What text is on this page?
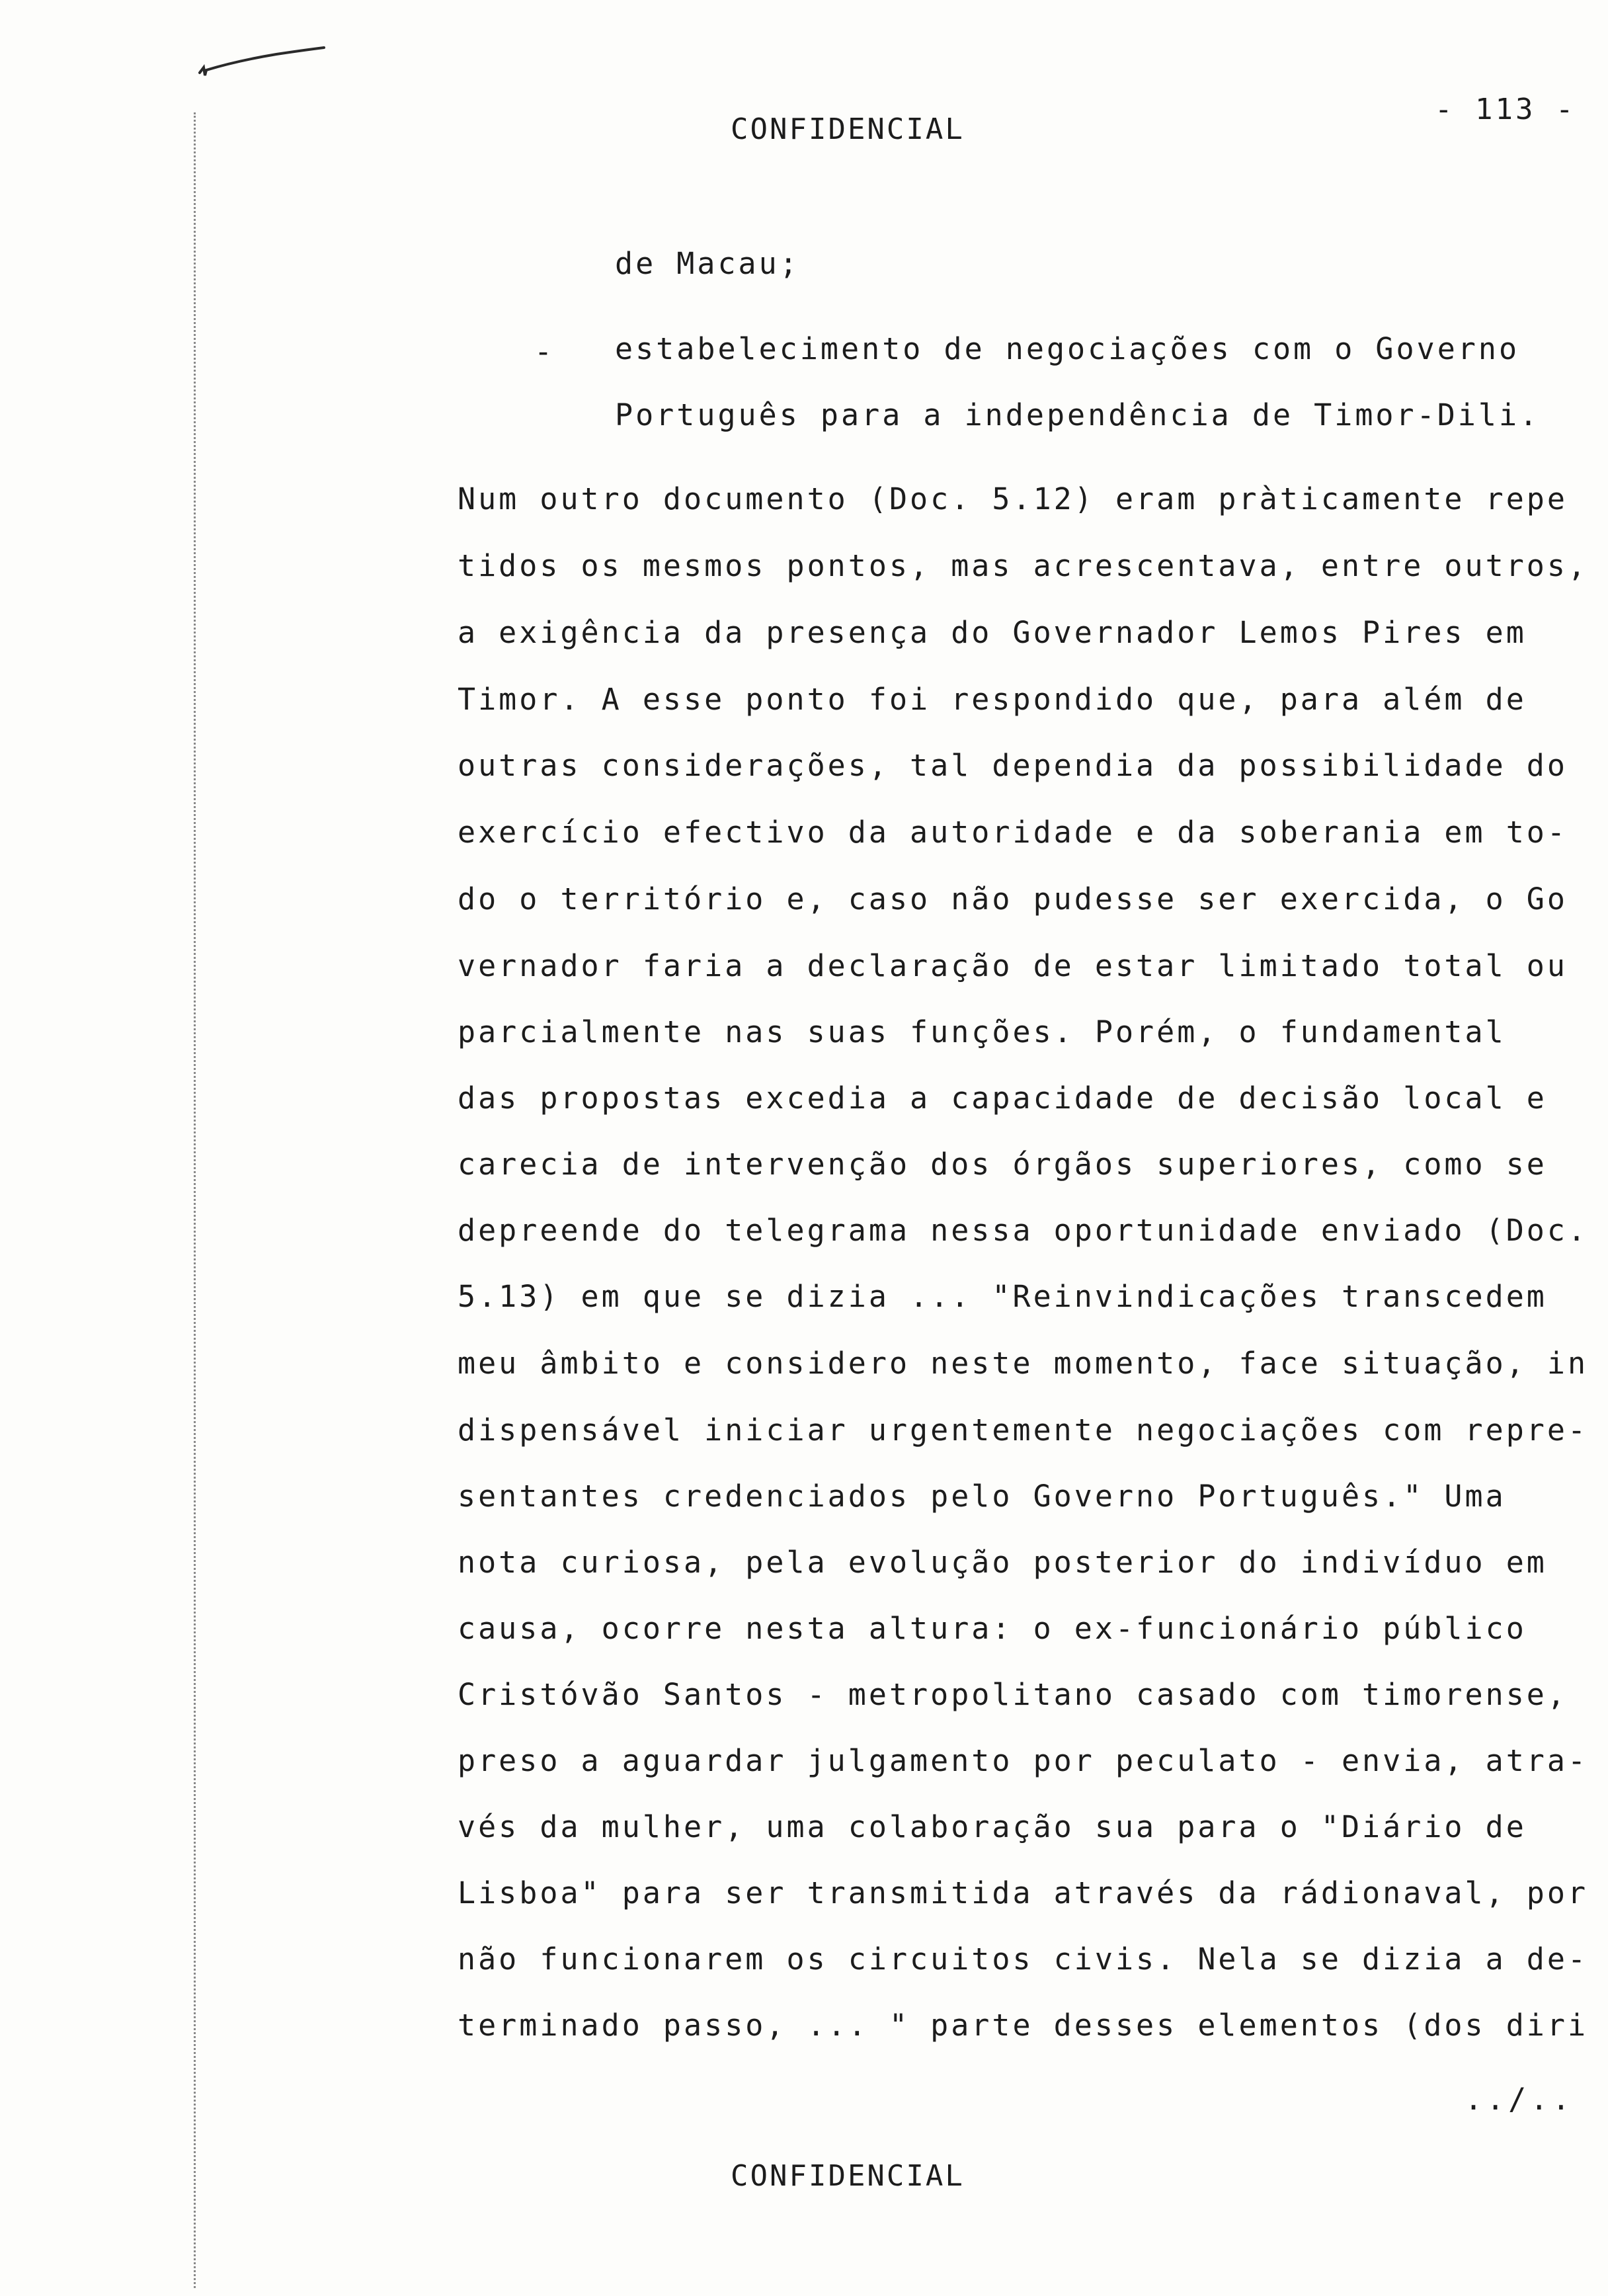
CONFIDENCIAL
- 113 -
de Macau;
- estabelecimento de negociações com o Governo
Português para a independência de Timor-Dili.
Num outro documento (Doc. 5.12) eram pràticamente repe
tidos os mesmos pontos, mas acrescentava, entre outros,
a exigência da presença do Governador Lemos Pires em
Timor. A esse ponto foi respondido que, para além de
outras considerações, tal dependia da possibilidade do
exercício efectivo da autoridade e da soberania em to-
do o território e, caso não pudesse ser exercida, o Go
vernador faria a declaração de estar limitado total ou
parcialmente nas suas funções. Porém, o fundamental
das propostas excedia a capacidade de decisão local e
carecia de intervenção dos órgãos superiores, como se
depreende do telegrama nessa oportunidade enviado (Doc.
5.13) em que se dizia ... "Reinvindicações transcedem
meu âmbito e considero neste momento, face situação, in
dispensável iniciar urgentemente negociações com repre-
sentantes credenciados pelo Governo Português." Uma
nota curiosa, pela evolução posterior do indivíduo em
causa, ocorre nesta altura: o ex-funcionário público
Cristóvão Santos - metropolitano casado com timorense,
preso a aguardar julgamento por peculato - envia, atra-
vés da mulher, uma colaboração sua para o "Diário de
Lisboa" para ser transmitida através da rádionaval, por
não funcionarem os circuitos civis. Nela se dizia a de-
terminado passo, ... " parte desses elementos (dos diri
../..
CONFIDENCIAL
